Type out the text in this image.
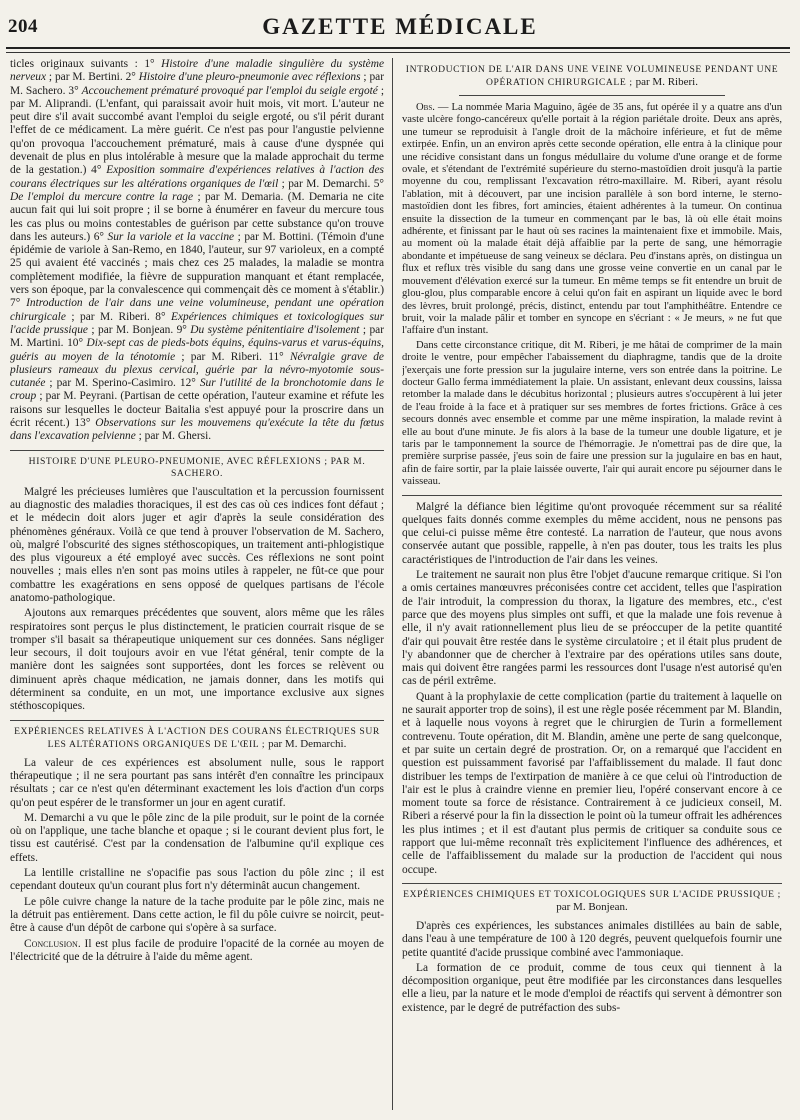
204	GAZETTE MÉDICALE

ticles originaux suivants : 1° Histoire d'une maladie singulière du système nerveux ; par M. Bertini. 2° Histoire d'une pleuro-pneumonie avec réflexions ; par M. Sachero. 3° Accouchement prématuré provoqué par l'emploi du seigle ergoté ; par M. Aliprandi. (L'enfant, qui paraissait avoir huit mois, vit mort. L'auteur ne peut dire s'il avait succombé avant l'emploi du seigle ergoté, ou s'il périt durant l'effet de ce médicament. La mère guérit. Ce n'est pas pour l'angustie pelvienne qu'on provoqua l'accouchement prématuré, mais à cause d'une dyspnée qui devenait de plus en plus intolérable à mesure que la malade approchait du terme de la gestation.) 4° Exposition sommaire d'expériences relatives à l'action des courans électriques sur les altérations organiques de l'œil ; par M. Demarchi. 5° De l'emploi du mercure contre la rage ; par M. Demaria. (M. Demaria ne cite aucun fait qui lui soit propre ; il se borne à énumérer en faveur du mercure tous les cas plus ou moins contestables de guérison par cette substance qu'on trouve dans les auteurs.) 6° Sur la variole et la vaccine ; par M. Bottini. (Témoin d'une épidémie de variole à San-Remo, en 1840, l'auteur, sur 97 varioleux, en a compté 25 qui avaient été vaccinés ; mais chez ces 25 malades, la maladie se montra complètement modifiée, la fièvre de suppuration manquant et étant remplacée, vers son époque, par la convalescence qui commençait dès ce moment à s'établir.) 7° Introduction de l'air dans une veine volumineuse, pendant une opération chirurgicale ; par M. Riberi. 8° Expériences chimiques et toxicologiques sur l'acide prussique ; par M. Bonjean. 9° Du système pénitentiaire d'isolement ; par M. Martini. 10° Dix-sept cas de pieds-bots équins, équins-varus et varus-équins, guéris au moyen de la ténotomie ; par M. Riberi. 11° Névralgie grave de plusieurs rameaux du plexus cervical, guérie par la névro-myotomie sous-cutanée ; par M. Sperino-Casimiro. 12° Sur l'utilité de la bronchotomie dans le croup ; par M. Peyrani. (Partisan de cette opération, l'auteur examine et réfute les raisons sur lesquelles le docteur Baitalia s'est appuyé pour la proscrire dans un écrit récent.) 13° Observations sur les mouvemens qu'exécute la tête du fœtus dans l'excavation pelvienne ; par M. Ghersi.

HISTOIRE D'UNE PLEURO-PNEUMONIE, AVEC RÉFLEXIONS ; PAR M. SACHERO.

Malgré les précieuses lumières que l'auscultation et la percussion fournissent au diagnostic des maladies thoraciques, il est des cas où ces indices font défaut ; et le médecin doit alors juger et agir d'après la seule considération des phénomènes généraux. Voilà ce que tend à prouver l'observation de M. Sachero, où, malgré l'obscurité des signes stéthoscopiques, un traitement anti-phlogistique des plus vigoureux a été employé avec succès. Ces réflexions ne sont point nouvelles ; mais elles n'en sont pas moins utiles à rappeler, ne fût-ce que pour combattre les exagérations en sens opposé de quelques partisans de l'école anatomo-pathologique.

Ajoutons aux remarques précédentes que souvent, alors même que les râles respiratoires sont perçus le plus distinctement, le praticien courrait risque de se tromper s'il basait sa thérapeutique uniquement sur ces données. Sans négliger leur secours, il doit toujours avoir en vue l'état général, tenir compte de la manière dont les saignées sont supportées, dont les forces se relèvent ou diminuent après chaque médication, ne jamais donner, dans les motifs qui déterminent sa conduite, en un mot, une importance exclusive aux signes stéthoscopiques.

EXPÉRIENCES RELATIVES À L'ACTION DES COURANS ÉLECTRIQUES SUR LES ALTÉRATIONS ORGANIQUES DE L'ŒIL ; par M. Demarchi.

La valeur de ces expériences est absolument nulle, sous le rapport thérapeutique ; il ne sera pourtant pas sans intérêt d'en connaître les principaux résultats ; car ce n'est qu'en déterminant exactement les lois d'action d'un corps qu'on peut espérer de le transformer un jour en agent curatif.

M. Demarchi a vu que le pôle zinc de la pile produit, sur le point de la cornée où on l'applique, une tache blanche et opaque ; si le courant devient plus fort, le tissu est cautérisé. C'est par la condensation de l'albumine qu'il explique ces effets.

La lentille cristalline ne s'opacifie pas sous l'action du pôle zinc ; il est cependant douteux qu'un courant plus fort n'y déterminât aucun changement.

Le pôle cuivre change la nature de la tache produite par le pôle zinc, mais ne la détruit pas entièrement. Dans cette action, le fil du pôle cuivre se noircit, peut-être à cause d'un dépôt de carbone qui s'opère à sa surface.

Conclusion. Il est plus facile de produire l'opacité de la cornée au moyen de l'électricité que de la détruire à l'aide du même agent.

INTRODUCTION DE L'AIR DANS UNE VEINE VOLUMINEUSE PENDANT UNE OPÉRATION CHIRURGICALE ; par M. Riberi.

Obs. — La nommée Maria Maguino, âgée de 35 ans, fut opérée il y a quatre ans d'un vaste ulcère fongo-cancéreux qu'elle portait à la région pariétale droite. Deux ans après, une tumeur se reproduisit à l'angle droit de la mâchoire inférieure, et fut de même extirpée. Enfin, un an environ après cette seconde opération, elle entra à la clinique pour une récidive consistant dans un fongus médullaire du volume d'une orange et de forme ovale, et s'étendant de l'extrémité supérieure du sterno-mastoïdien droit jusqu'à la partie moyenne du cou, remplissant l'excavation rétro-maxillaire. M. Riberi, ayant résolu l'ablation, mit à découvert, par une incision parallèle à son bord interne, le sterno-mastoïdien dont les fibres, fort amincies, étaient adhérentes à la tumeur. On continua ensuite la dissection de la tumeur en commençant par le bas, là où elle était moins adhérente, et finissant par le haut où ses racines la maintenaient fixe et immobile. Mais, au moment où la malade était déjà affaiblie par la perte de sang, une hémorragie abondante et impétueuse de sang veineux se déclara. Peu d'instans après, on distingua un flux et reflux très visible du sang dans une grosse veine convertie en un canal par le mouvement d'élévation exercé sur la tumeur. En même temps se fit entendre un bruit de glou-glou, plus comparable encore à celui qu'on fait en aspirant un liquide avec le bord des lèvres, bruit prolongé, précis, distinct, entendu par tout l'amphithéâtre. Entendre ce bruit, voir la malade pâlir et tomber en syncope en s'écriant : « Je meurs, » ne fut que l'affaire d'un instant.

Dans cette circonstance critique, dit M. Riberi, je me hâtai de comprimer de la main droite le ventre, pour empêcher l'abaissement du diaphragme, tandis que de la droite j'exerçais une forte pression sur la jugulaire interne, vers son entrée dans la poitrine. Le docteur Gallo ferma immédiatement la plaie. Un assistant, enlevant deux coussins, laissa retomber la malade dans le décubitus horizontal ; plusieurs autres s'occupèrent à lui jeter de l'eau froide à la face et à pratiquer sur ses membres de fortes frictions. Grâce à ces secours donnés avec ensemble et comme par une même inspiration, la malade revint à elle au bout d'une minute. Je fis alors à la base de la tumeur une double ligature, et je taris par le tamponnement la source de l'hémorragie. Je n'omettrai pas de dire que, la première surprise passée, j'eus soin de faire une pression sur la jugulaire en bas en haut, afin de faire sortir, par la plaie laissée ouverte, l'air qui aurait encore pu séjourner dans le vaisseau.

Malgré la défiance bien légitime qu'ont provoquée récemment sur sa réalité quelques faits donnés comme exemples du même accident, nous ne pensons pas que celui-ci puisse même être contesté. La narration de l'auteur, que nous avons conservée autant que possible, rappelle, à n'en pas douter, tous les traits les plus caractéristiques de l'introduction de l'air dans les veines.

Le traitement ne saurait non plus être l'objet d'aucune remarque critique. Si l'on a omis certaines manœuvres préconisées contre cet accident, telles que l'aspiration de l'air introduit, la compression du thorax, la ligature des membres, etc., c'est parce que des moyens plus simples ont suffi, et que la malade une fois revenue à elle, il n'y avait rationnellement plus lieu de se préoccuper de la petite quantité d'air qui pouvait être restée dans le système circulatoire ; et il était plus prudent de l'y abandonner que de chercher à l'extraire par des opérations utiles sans doute, mais qui doivent être rangées parmi les ressources dont l'usage n'est autorisé qu'en cas de péril extrême.

Quant à la prophylaxie de cette complication (partie du traitement à laquelle on ne saurait apporter trop de soins), il est une règle posée récemment par M. Blandin, et à laquelle nous voyons à regret que le chirurgien de Turin a formellement contrevenu. Toute opération, dit M. Blandin, amène une perte de sang quelconque, et par suite un certain degré de prostration. Or, on a remarqué que l'accident en question est puissamment favorisé par l'affaiblissement du malade. Il faut donc distribuer les temps de l'extirpation de manière à ce que celui où l'introduction de l'air est le plus à craindre vienne en premier lieu, l'opéré conservant encore à ce moment toute sa force de résistance. Contrairement à ce judicieux conseil, M. Riberi a réservé pour la fin la dissection le point où la tumeur offrait les adhérences les plus intimes ; et il est d'autant plus permis de critiquer sa conduite sous ce rapport que lui-même reconnaît très explicitement l'influence des adhérences, et celle de l'affaiblissement du malade sur la production de l'accident qui nous occupe.

EXPÉRIENCES CHIMIQUES ET TOXICOLOGIQUES SUR L'ACIDE PRUSSIQUE ; par M. Bonjean.

D'après ces expériences, les substances animales distillées au bain de sable, dans l'eau à une température de 100 à 120 degrés, peuvent quelquefois fournir une petite quantité d'acide prussique combiné avec l'ammoniaque.

La formation de ce produit, comme de tous ceux qui tiennent à la décomposition organique, peut être modifiée par les circonstances dans lesquelles elle a lieu, par la nature et le mode d'emploi de réactifs qui servent à démontrer son existence, par le degré de putréfaction des subs-
